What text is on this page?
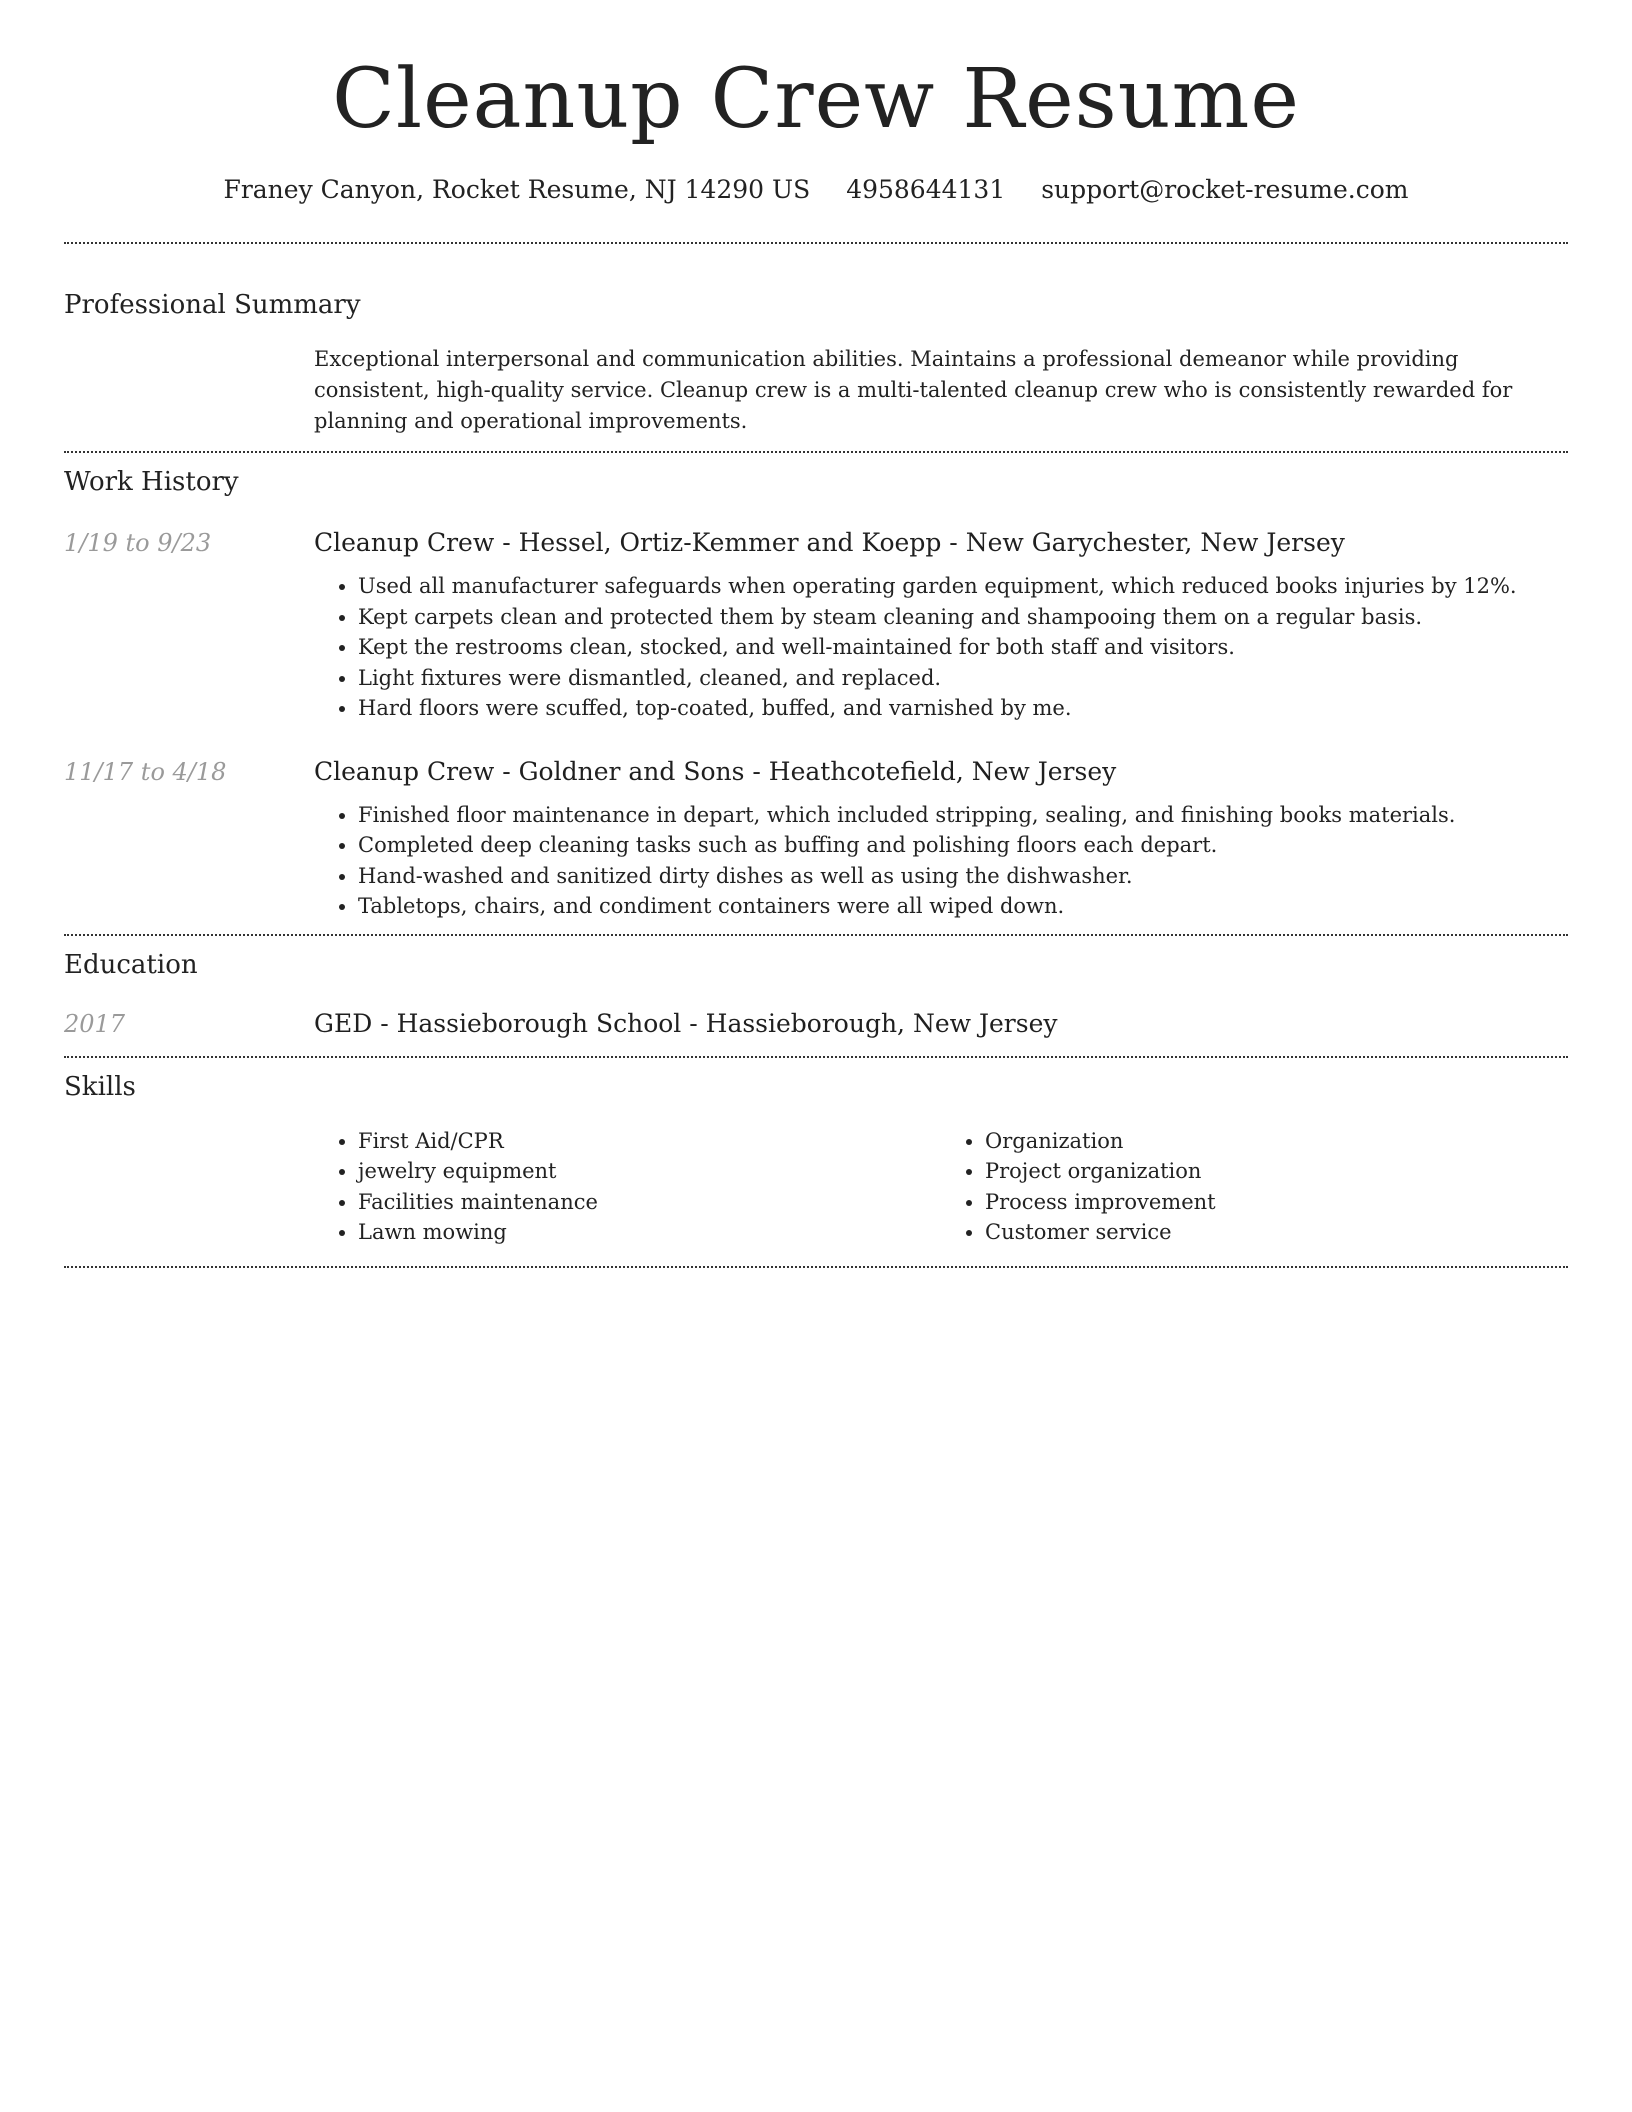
Cleanup Crew Resume
Franey Canyon, Rocket Resume, NJ 14290 US 4958644131 support@rocket-resume.com
Professional Summary
Exceptional interpersonal and communication abilities. Maintains a professional demeanor while providing consistent, high-quality service. Cleanup crew is a multi-talented cleanup crew who is consistently rewarded for planning and operational improvements.
Work History
1/19 to 9/23	Cleanup Crew - Hessel, Ortiz-Kemmer and Koepp - New Garychester, New Jersey
• Used all manufacturer safeguards when operating garden equipment, which reduced books injuries by 12%.
• Kept carpets clean and protected them by steam cleaning and shampooing them on a regular basis.
• Kept the restrooms clean, stocked, and well-maintained for both staff and visitors.
• Light fixtures were dismantled, cleaned, and replaced.
• Hard floors were scuffed, top-coated, buffed, and varnished by me.
11/17 to 4/18	Cleanup Crew - Goldner and Sons - Heathcotefield, New Jersey
• Finished floor maintenance in depart, which included stripping, sealing, and finishing books materials.
• Completed deep cleaning tasks such as buffing and polishing floors each depart.
• Hand-washed and sanitized dirty dishes as well as using the dishwasher.
• Tabletops, chairs, and condiment containers were all wiped down.
Education
2017	GED - Hassieborough School - Hassieborough, New Jersey
Skills
• First Aid/CPR
• jewelry equipment
• Facilities maintenance
• Lawn mowing
• Organization
• Project organization
• Process improvement
• Customer service
